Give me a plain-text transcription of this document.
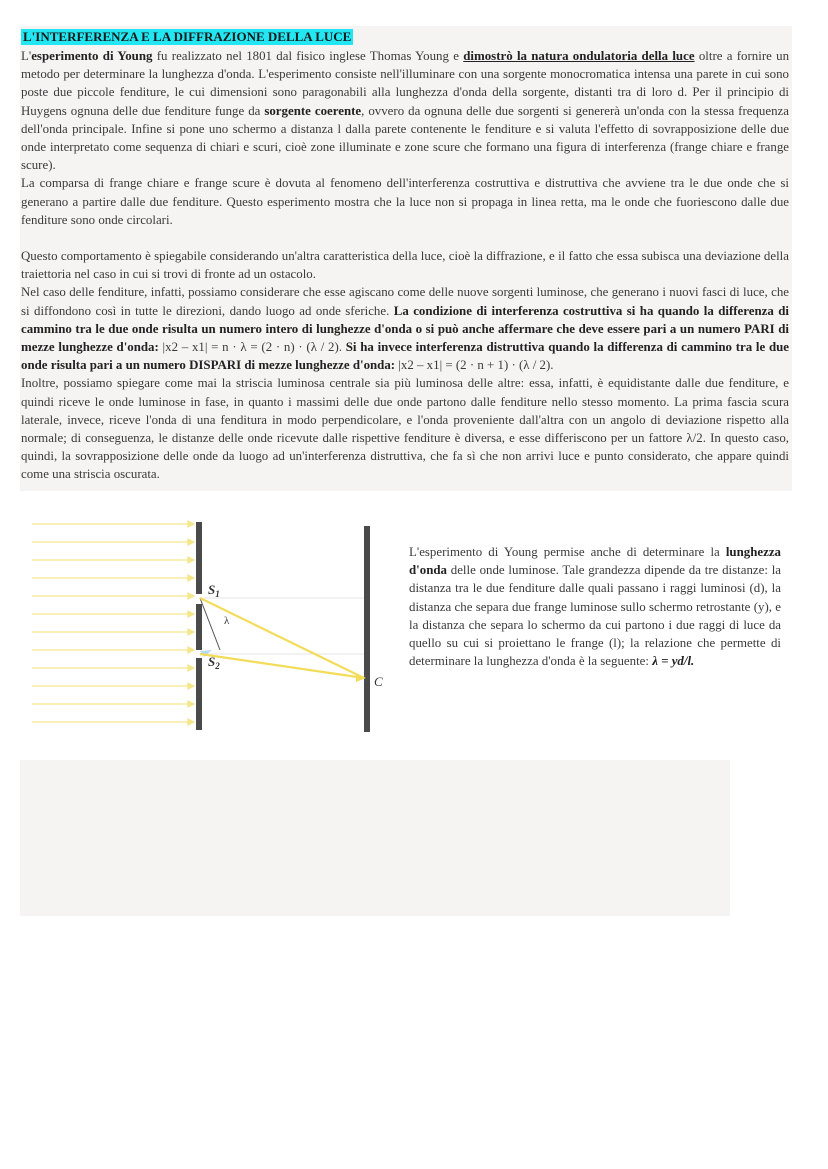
L'INTERFERENZA E LA DIFFRAZIONE DELLA LUCE

L'esperimento di Young fu realizzato nel 1801 dal fisico inglese Thomas Young e dimostrò la natura ondulatoria della luce oltre a fornire un metodo per determinare la lunghezza d'onda. L'esperimento consiste nell'illuminare con una sorgente monocromatica intensa una parete in cui sono poste due piccole fenditure, le cui dimensioni sono paragonabili alla lunghezza d'onda della sorgente, distanti tra di loro d. Per il principio di Huygens ognuna delle due fenditure funge da sorgente coerente, ovvero da ognuna delle due sorgenti si genererà un'onda con la stessa frequenza dell'onda principale. Infine si pone uno schermo a distanza l dalla parete contenente le fenditure e si valuta l'effetto di sovrapposizione delle due onde interpretato come sequenza di chiari e scuri, cioè zone illuminate e zone scure che formano una figura di interferenza (frange chiare e frange scure).

La comparsa di frange chiare e frange scure è dovuta al fenomeno dell'interferenza costruttiva e distruttiva che avviene tra le due onde che si generano a partire dalle due fenditure. Questo esperimento mostra che la luce non si propaga in linea retta, ma le onde che fuoriescono dalle due fenditure sono onde circolari.

Questo comportamento è spiegabile considerando un'altra caratteristica della luce, cioè la diffrazione, e il fatto che essa subisca una deviazione della traiettoria nel caso in cui si trovi di fronte ad un ostacolo.

Nel caso delle fenditure, infatti, possiamo considerare che esse agiscano come delle nuove sorgenti luminose, che generano i nuovi fasci di luce, che si diffondono così in tutte le direzioni, dando luogo ad onde sferiche. La condizione di interferenza costruttiva si ha quando la differenza di cammino tra le due onde risulta un numero intero di lunghezze d'onda o si può anche affermare che deve essere pari a un numero PARI di mezze lunghezze d'onda: |x2 – x1| = n · λ = (2 · n) · (λ / 2). Si ha invece interferenza distruttiva quando la differenza di cammino tra le due onde risulta pari a un numero DISPARI di mezze lunghezze d'onda: |x2 – x1| = (2 · n + 1) · (λ / 2).

Inoltre, possiamo spiegare come mai la striscia luminosa centrale sia più luminosa delle altre: essa, infatti, è equidistante dalle due fenditure, e quindi riceve le onde luminose in fase, in quanto i massimi delle due onde partono dalle fenditure nello stesso momento. La prima fascia scura laterale, invece, riceve l'onda di una fenditura in modo perpendicolare, e l'onda proveniente dall'altra con un angolo di deviazione rispetto alla normale; di conseguenza, le distanze delle onde ricevute dalle rispettive fenditure è diversa, e esse differiscono per un fattore λ/2. In questo caso, quindi, la sovrapposizione delle onde da luogo ad un'interferenza distruttiva, che fa sì che non arrivi luce e punto considerato, che appare quindi come una striscia oscurata.

$S_1$
$S_2$
λ
C

L'esperimento di Young permise anche di determinare la lunghezza d'onda delle onde luminose. Tale grandezza dipende da tre distanze: la distanza tra le due fenditure dalle quali passano i raggi luminosi (d), la distanza che separa due frange luminose sullo schermo retrostante (y), e la distanza che separa lo schermo da cui partono i due raggi di luce da quello su cui si proiettano le frange (l); la relazione che permette di determinare la lunghezza d'onda è la seguente: λ = yd/l.
